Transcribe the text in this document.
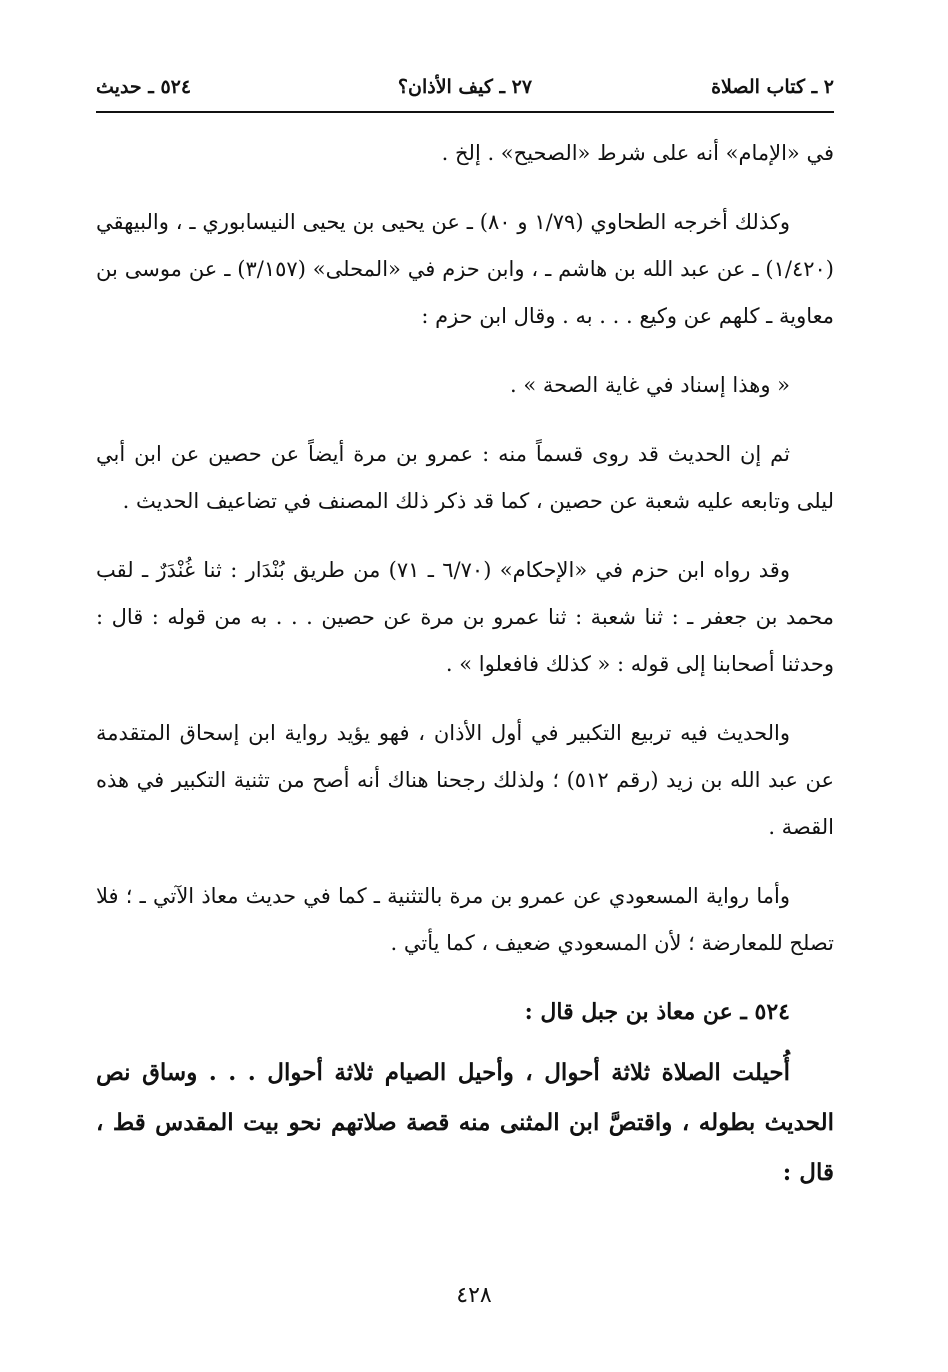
٢ ـ كتاب الصلاة
٢٧ ـ كيف الأذان؟
٥٢٤ ـ حديث

في «الإمام» أنه على شرط «الصحيح» . إلخ .

وكذلك أخرجه الطحاوي (١/٧٩ و ٨٠) ـ عن يحيى بن يحيى النيسابوري ـ ، والبيهقي (١/٤٢٠) ـ عن عبد الله بن هاشم ـ ، وابن حزم في «المحلى» (٣/١٥٧) ـ عن موسى بن معاوية ـ كلهم عن وكيع . . . به . وقال ابن حزم :

« وهذا إسناد في غاية الصحة » .

ثم إن الحديث قد روى قسماً منه : عمرو بن مرة أيضاً عن حصين عن ابن أبي ليلى وتابعه عليه شعبة عن حصين ، كما قد ذكر ذلك المصنف في تضاعيف الحديث .

وقد رواه ابن حزم في «الإحكام» (٦/٧٠ ـ ٧١) من طريق بُنْدَار : ثنا غُنْدَرٌ ـ لقب محمد بن جعفر ـ : ثنا شعبة : ثنا عمرو بن مرة عن حصين . . . به من قوله : قال : وحدثنا أصحابنا إلى قوله : « كذلك فافعلوا » .

والحديث فيه تربيع التكبير في أول الأذان ، فهو يؤيد رواية ابن إسحاق المتقدمة عن عبد الله بن زيد (رقم ٥١٢) ؛ ولذلك رجحنا هناك أنه أصح من تثنية التكبير في هذه القصة .

وأما رواية المسعودي عن عمرو بن مرة بالتثنية ـ كما في حديث معاذ الآتي ـ ؛ فلا تصلح للمعارضة ؛ لأن المسعودي ضعيف ، كما يأتي .

٥٢٤ ـ عن معاذ بن جبل قال :

أُحيلت الصلاة ثلاثة أحوال ، وأحيل الصيام ثلاثة أحوال . . . وساق نص الحديث بطوله ، واقتصَّ ابن المثنى منه قصة صلاتهم نحو بيت المقدس قط ، قال :

٤٢٨
